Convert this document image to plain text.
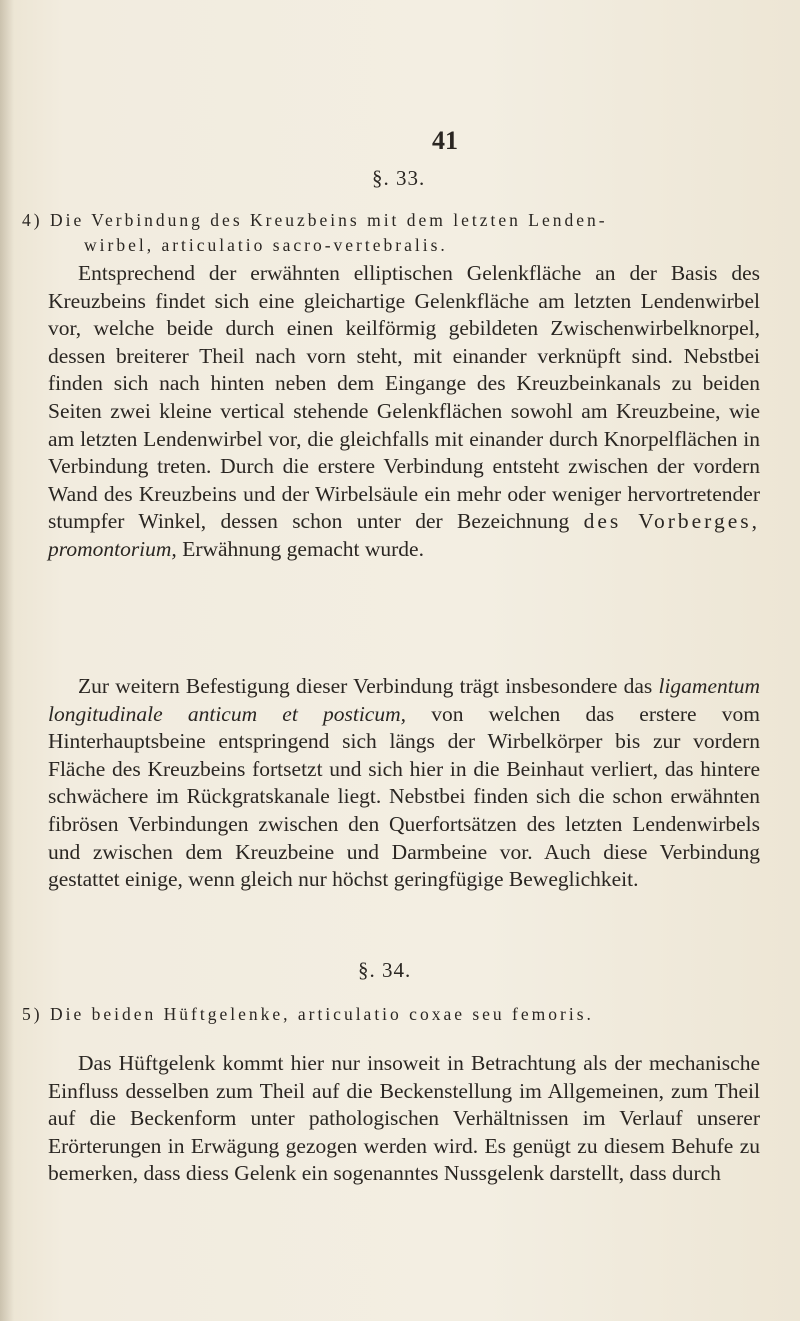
41
§. 33.
4) Die Verbindung des Kreuzbeins mit dem letzten Lenden-
wirbel, articulatio sacro-vertebralis.

Entsprechend der erwähnten elliptischen Gelenkfläche an der Basis des Kreuzbeins findet sich eine gleichartige Gelenkfläche am letzten Lendenwirbel vor, welche beide durch einen keilförmig gebildeten Zwischenwirbelknorpel, dessen breiterer Theil nach vorn steht, mit einander verknüpft sind. Nebstbei finden sich nach hinten neben dem Eingange des Kreuzbeinkanals zu beiden Seiten zwei kleine vertical stehende Gelenkflächen sowohl am Kreuzbeine, wie am letzten Lendenwirbel vor, die gleichfalls mit einander durch Knorpelflächen in Verbindung treten. Durch die erstere Verbindung entsteht zwischen der vordern Wand des Kreuzbeins und der Wirbelsäule ein mehr oder weniger hervortretender stumpfer Winkel, dessen schon unter der Bezeichnung des Vorberges, promontorium, Erwähnung gemacht wurde.

Zur weitern Befestigung dieser Verbindung trägt insbesondere das ligamentum longitudinale anticum et posticum, von welchen das erstere vom Hinterhauptsbeine entspringend sich längs der Wirbelkörper bis zur vordern Fläche des Kreuzbeins fortsetzt und sich hier in die Beinhaut verliert, das hintere schwächere im Rückgratskanale liegt. Nebstbei finden sich die schon erwähnten fibrösen Verbindungen zwischen den Querfortsätzen des letzten Lendenwirbels und zwischen dem Kreuzbeine und Darmbeine vor. Auch diese Verbindung gestattet einige, wenn gleich nur höchst geringfügige Beweglichkeit.

§. 34.
5) Die beiden Hüftgelenke, articulatio coxae seu femoris.

Das Hüftgelenk kommt hier nur insoweit in Betrachtung als der mechanische Einfluss desselben zum Theil auf die Beckenstellung im Allgemeinen, zum Theil auf die Beckenform unter pathologischen Verhältnissen im Verlauf unserer Erörterungen in Erwägung gezogen werden wird. Es genügt zu diesem Behufe zu bemerken, dass diess Gelenk ein sogenanntes Nussgelenk darstellt, dass durch
